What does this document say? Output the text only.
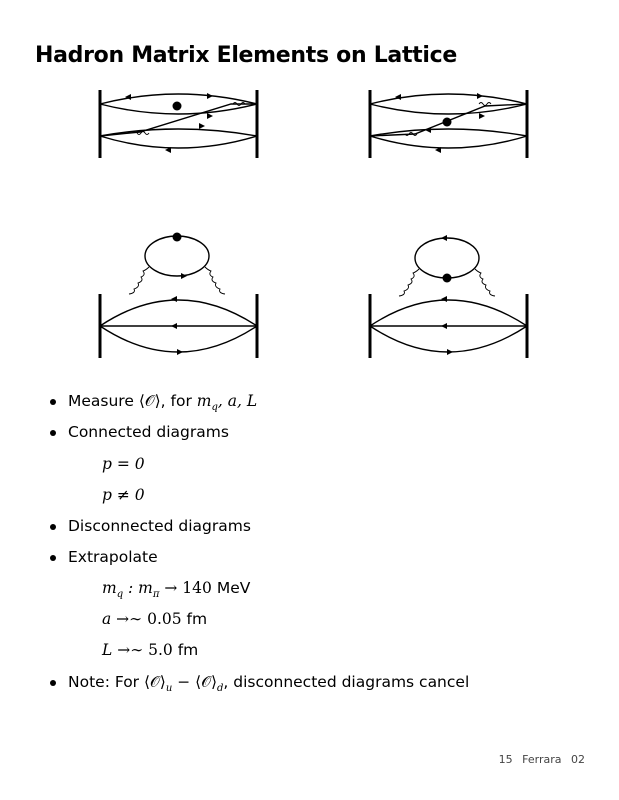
Hadron Matrix Elements on Lattice
Measure ⟨𝒪⟩, for $m_q$, a, L
Connected diagrams
p = 0
p ≠ 0
Disconnected diagrams
Extrapolate
$m_q$ : $m_\pi \to 140$ MeV
a →∼ 0.05 fm
L →∼ 5.0 fm
Note: For $⟨𝒪⟩_u$ − $⟨𝒪⟩_d$, disconnected diagrams cancel
15 Ferrara 02
